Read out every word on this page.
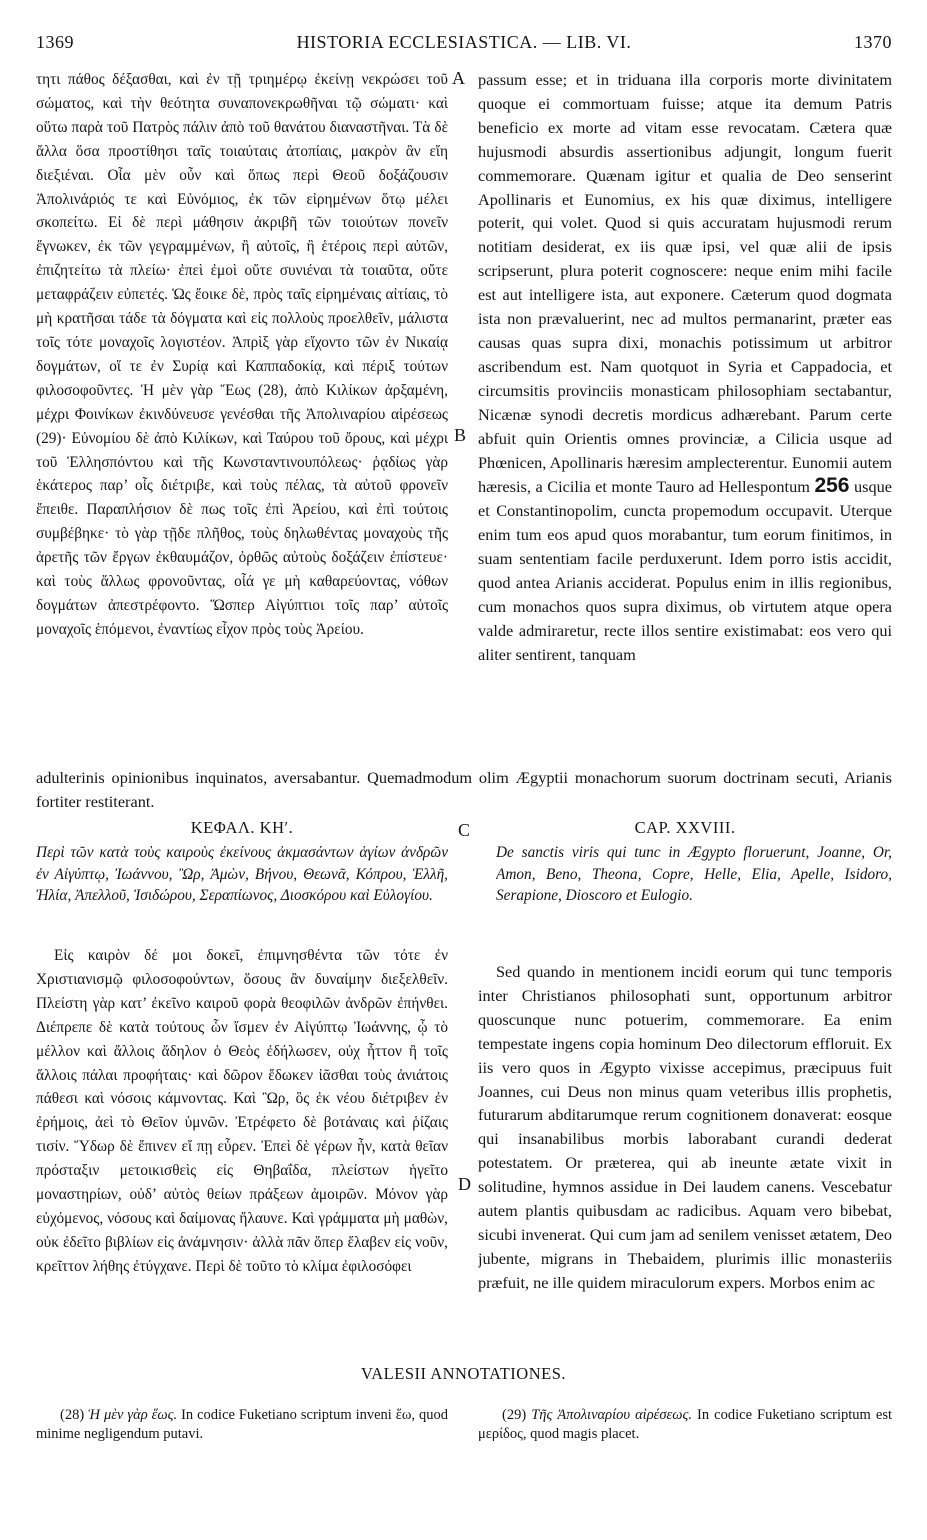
1369	HISTORIA ECCLESIASTICA. — LIB. VI.	1370

τητι πάθος δέξασθαι, καὶ ἐν τῇ τριημέρῳ ἐκείνῃ νεκρώσει τοῦ σώματος, καὶ τὴν θεότητα συναπονεκρωθῆναι τῷ σώματι· καὶ οὕτω παρὰ τοῦ Πατρὸς πάλιν ἀπὸ τοῦ θανάτου διαναστῆναι. Τὰ δὲ ἄλλα ὅσα προστίθησι ταῖς τοιαύταις ἀτοπίαις, μακρὸν ἂν εἴη διεξιέναι. Οἷα μὲν οὖν καὶ ὅπως περὶ Θεοῦ δοξάζουσιν Ἀπολινάριός τε καὶ Εὐνόμιος, ἐκ τῶν εἰρημένων ὅτῳ μέλει σκοπείτω. Εἰ δὲ περὶ μάθησιν ἀκριβῆ τῶν τοιούτων πονεῖν ἔγνωκεν, ἐκ τῶν γεγραμμένων, ἢ αὐτοῖς, ἢ ἑτέροις περὶ αὐτῶν, ἐπιζητείτω τὰ πλείω· ἐπεὶ ἐμοὶ οὔτε συνιέναι τὰ τοιαῦτα, οὔτε μεταφράζειν εὐπετές. Ὡς ἔοικε δὲ, πρὸς ταῖς εἰρημέναις αἰτίαις, τὸ μὴ κρατῆσαι τάδε τὰ δόγματα καὶ εἰς πολλοὺς προελθεῖν, μάλιστα τοῖς τότε μοναχοῖς λογιστέον. Ἀπρὶξ γὰρ εἴχοντο τῶν ἐν Νικαίᾳ δογμάτων, οἵ τε ἐν Συρίᾳ καὶ Καππαδοκίᾳ, καὶ πέριξ τούτων φιλοσοφοῦντες. Ἡ μὲν γὰρ Ἕως (28), ἀπὸ Κιλίκων ἀρξαμένη, μέχρι Φοινίκων ἐκινδύνευσε γενέσθαι τῆς Ἀπολιναρίου αἱρέσεως (29)· Εὐνομίου δὲ ἀπὸ Κιλίκων, καὶ Ταύρου τοῦ ὄρους, καὶ μέχρι τοῦ Ἑλλησπόντου καὶ τῆς Κωνσταντινουπόλεως· ῥᾳδίως γὰρ ἑκάτερος παρ’ οἷς διέτριβε, καὶ τοὺς πέλας, τὰ αὐτοῦ φρονεῖν ἔπειθε. Παραπλήσιον δὲ πως τοῖς ἐπὶ Ἀρείου, καὶ ἐπὶ τούτοις συμβέβηκε· τὸ γὰρ τῇδε πλῆθος, τοὺς δηλωθέντας μοναχοὺς τῆς ἀρετῆς τῶν ἔργων ἐκθαυμάζον, ὀρθῶς αὐτοὺς δοξάζειν ἐπίστευε· καὶ τοὺς ἄλλως φρονοῦντας, οἷά γε μὴ καθαρεύοντας, νόθων δογμάτων ἀπεστρέφοντο. Ὥσπερ Αἰγύπτιοι τοῖς παρ’ αὐτοῖς μοναχοῖς ἑπόμενοι, ἐναντίως εἶχον πρὸς τοὺς Ἀρείου.

passum esse; et in triduana illa corporis morte divinitatem quoque ei commortuam fuisse; atque ita demum Patris beneficio ex morte ad vitam esse revocatam. Cætera quæ hujusmodi absurdis assertionibus adjungit, longum fuerit commemorare. Quænam igitur et qualia de Deo senserint Apollinaris et Eunomius, ex his quæ diximus, intelligere poterit, qui volet. Quod si quis accuratam hujusmodi rerum notitiam desiderat, ex iis quæ ipsi, vel quæ alii de ipsis scripserunt, plura poterit cognoscere: neque enim mihi facile est aut intelligere ista, aut exponere. Cæterum quod dogmata ista non prævaluerint, nec ad multos permanarint, præter eas causas quas supra dixi, monachis potissimum ut arbitror ascribendum est. Nam quotquot in Syria et Cappadocia, et circumsitis provinciis monasticam philosophiam sectabantur, Nicænæ synodi decretis mordicus adhærebant. Parum certe abfuit quin Orientis omnes provinciæ, a Cilicia usque ad Phœnicen, Apollinaris hæresim amplecterentur. Eunomii autem hæresis, a Cicilia et monte Tauro ad Hellespontum 256 usque et Constantinopolim, cuncta propemodum occupavit. Uterque enim tum eos apud quos morabantur, tum eorum finitimos, in suam sententiam facile perduxerunt. Idem porro istis accidit, quod antea Arianis acciderat. Populus enim in illis regionibus, cum monachos quos supra diximus, ob virtutem atque opera valde admiraretur, recte illos sentire existimabat: eos vero qui aliter sentirent, tanquam

A
B
C
D
adulterinis opinionibus inquinatos, aversabantur. Quemadmodum olim Ægyptii monachorum suorum doctrinam secuti, Arianis fortiter restiterant.
ΚΕΦΑΛ. ΚΗʹ.	CAP. XXVIII.
Περὶ τῶν κατὰ τοὺς καιροὺς ἐκείνους ἀκμασάντων ἁγίων ἀνδρῶν ἐν Αἰγύπτῳ, Ἰωάννου, Ὢρ, Ἀμὼν, Βήνου, Θεωνᾶ, Κόπρου, Ἑλλῆ, Ἠλία, Ἀπελλοῦ, Ἰσιδώρου, Σεραπίωνος, Διοσκόρου καὶ Εὐλογίου.
De sanctis viris qui tunc in Ægypto floruerunt, Joanne, Or, Amon, Beno, Theona, Copre, Helle, Elia, Apelle, Isidoro, Serapione, Dioscoro et Eulogio.

Εἰς καιρὸν δέ μοι δοκεῖ, ἐπιμνησθέντα τῶν τότε ἐν Χριστιανισμῷ φιλοσοφούντων, ὅσους ἂν δυναίμην διεξελθεῖν. Πλείστη γὰρ κατ’ ἐκεῖνο καιροῦ φορὰ θεοφιλῶν ἀνδρῶν ἐπήνθει. Διέπρεπε δὲ κατὰ τούτους ὧν ἴσμεν ἐν Αἰγύπτῳ Ἰωάννης, ᾧ τὸ μέλλον καὶ ἄλλοις ἄδηλον ὁ Θεὸς ἐδήλωσεν, οὐχ ἧττον ἢ τοῖς ἄλλοις πάλαι προφήταις· καὶ δῶρον ἔδωκεν ἰᾶσθαι τοὺς ἀνιάτοις πάθεσι καὶ νόσοις κάμνοντας. Καὶ Ὢρ, ὃς ἐκ νέου διέτριβεν ἐν ἐρήμοις, ἀεὶ τὸ Θεῖον ὑμνῶν. Ἐτρέφετο δὲ βοτάναις καὶ ῥίζαις τισίν. Ὕδωρ δὲ ἔπινεν εἴ πῃ εὗρεν. Ἐπεὶ δὲ γέρων ἦν, κατὰ θεῖαν πρόσταξιν μετοικισθεὶς εἰς Θηβαΐδα, πλείστων ἡγεῖτο μοναστηρίων, οὐδ’ αὐτὸς θείων πράξεων ἀμοιρῶν. Μόνον γὰρ εὐχόμενος, νόσους καὶ δαίμονας ἤλαυνε. Καὶ γράμματα μὴ μαθὼν, οὐκ ἐδεῖτο βιβλίων εἰς ἀνάμνησιν· ἀλλὰ πᾶν ὅπερ ἔλαβεν εἰς νοῦν, κρεῖττον λήθης ἐτύγχανε. Περὶ δὲ τοῦτο τὸ κλίμα ἐφιλοσόφει

Sed quando in mentionem incidi eorum qui tunc temporis inter Christianos philosophati sunt, opportunum arbitror quoscunque nunc potuerim, commemorare. Ea enim tempestate ingens copia hominum Deo dilectorum effloruit. Ex iis vero quos in Ægypto vixisse accepimus, præcipuus fuit Joannes, cui Deus non minus quam veteribus illis prophetis, futurarum abditarumque rerum cognitionem donaverat: eosque qui insanabilibus morbis laborabant curandi dederat potestatem. Or præterea, qui ab ineunte ætate vixit in solitudine, hymnos assidue in Dei laudem canens. Vescebatur autem plantis quibusdam ac radicibus. Aquam vero bibebat, sicubi invenerat. Qui cum jam ad senilem venisset ætatem, Deo jubente, migrans in Thebaidem, plurimis illic monasteriis præfuit, ne ille quidem miraculorum expers. Morbos enim ac

VALESII ANNOTATIONES.
(28) Ἡ μὲν γὰρ ἕως. In codice Fuketiano scriptum inveni ἕω, quod minime negligendum putavi.
(29) Τῆς Ἀπολιναρίου αἱρέσεως. In codice Fuketiano scriptum est μερίδος, quod magis placet.
